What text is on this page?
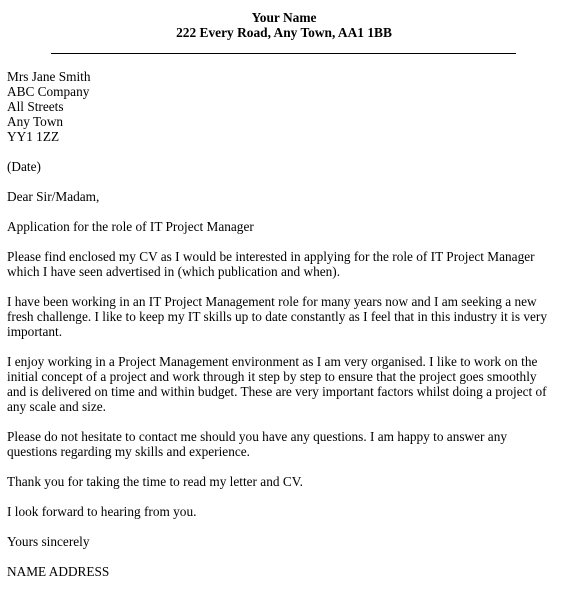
Your Name
222 Every Road, Any Town, AA1 1BB
Mrs Jane Smith
ABC Company
All Streets
Any Town
YY1 1ZZ
(Date)
Dear Sir/Madam,
Application for the role of IT Project Manager
Please find enclosed my CV as I would be interested in applying for the role of IT Project Manager
which I have seen advertised in (which publication and when).
I have been working in an IT Project Management role for many years now and I am seeking a new
fresh challenge. I like to keep my IT skills up to date constantly as I feel that in this industry it is very
important.
I enjoy working in a Project Management environment as I am very organised. I like to work on the
initial concept of a project and work through it step by step to ensure that the project goes smoothly
and is delivered on time and within budget. These are very important factors whilst doing a project of
any scale and size.
Please do not hesitate to contact me should you have any questions. I am happy to answer any
questions regarding my skills and experience.
Thank you for taking the time to read my letter and CV.
I look forward to hearing from you.
Yours sincerely
NAME ADDRESS
